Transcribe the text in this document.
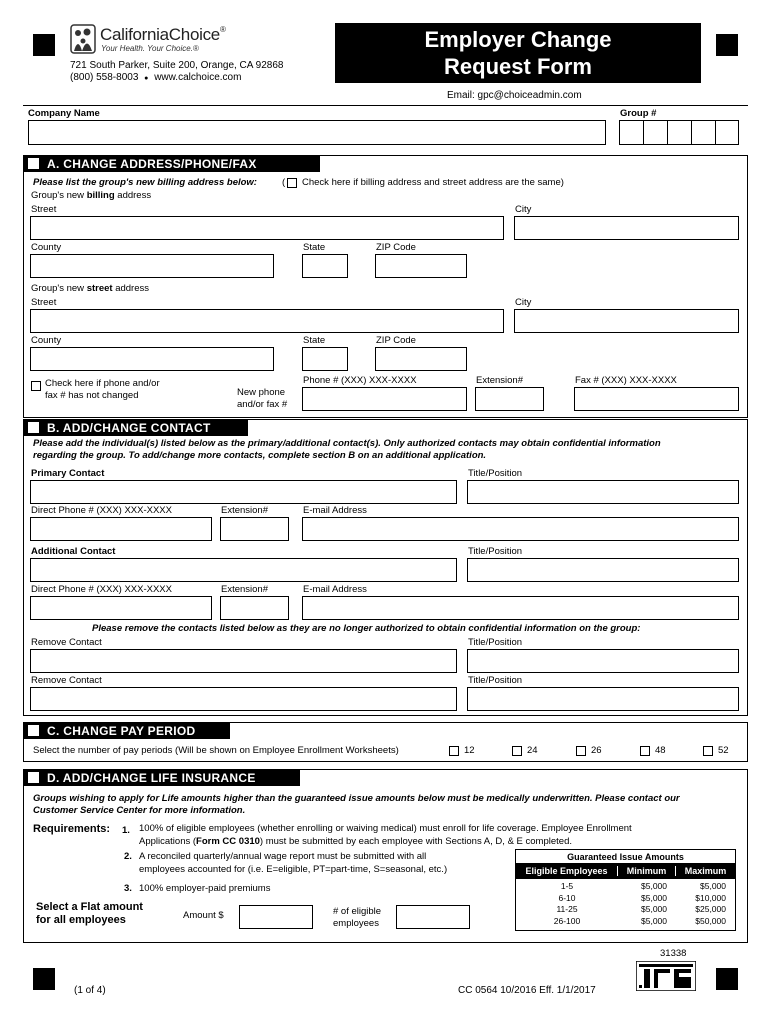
CaliforniaChoice®
Your Health. Your Choice.®
721 South Parker, Suite 200, Orange, CA 92868
(800) 558-8003 ● www.calchoice.com
Employer Change
Request Form
Email: gpc@choiceadmin.com
Company Name	Group #
A. CHANGE ADDRESS/PHONE/FAX
Please list the group's new billing address below:	( Check here if billing address and street address are the same)
Group's new billing address
Street	City
County	State	ZIP Code
Group's new street address
Street	City
County	State	ZIP Code
Check here if phone and/or
fax # has not changed	New phone
and/or fax #
Phone # (XXX) XXX-XXXX	Extension#	Fax # (XXX) XXX-XXXX
B. ADD/CHANGE CONTACT
Please add the individual(s) listed below as the primary/additional contact(s). Only authorized contacts may obtain confidential information
regarding the group. To add/change more contacts, complete section B on an additional application.
Primary Contact	Title/Position
Direct Phone # (XXX) XXX-XXXX	Extension#	E-mail Address
Additional Contact	Title/Position
Direct Phone # (XXX) XXX-XXXX	Extension#	E-mail Address
Please remove the contacts listed below as they are no longer authorized to obtain confidential information on the group:
Remove Contact	Title/Position
Remove Contact	Title/Position
C. CHANGE PAY PERIOD
Select the number of pay periods (Will be shown on Employee Enrollment Worksheets)	12	24	26	48	52
D. ADD/CHANGE LIFE INSURANCE
Groups wishing to apply for Life amounts higher than the guaranteed issue amounts below must be medically underwritten. Please contact our
Customer Service Center for more information.
Requirements: 1. 100% of eligible employees (whether enrolling or waiving medical) must enroll for life coverage. Employee Enrollment
Applications (Form CC 0310) must be submitted by each employee with Sections A, D, & E completed.
2. A reconciled quarterly/annual wage report must be submitted with all
employees accounted for (i.e. E=eligible, PT=part-time, S=seasonal, etc.)
3. 100% employer-paid premiums
Select a Flat amount
for all employees	Amount $	# of eligible
employees
Guaranteed Issue Amounts
Eligible Employees	Minimum	Maximum
1-5	$5,000	$5,000
6-10	$5,000	$10,000
11-25	$5,000	$25,000
26-100	$5,000	$50,000
31338
(1 of 4)	CC 0564 10/2016 Eff. 1/1/2017
